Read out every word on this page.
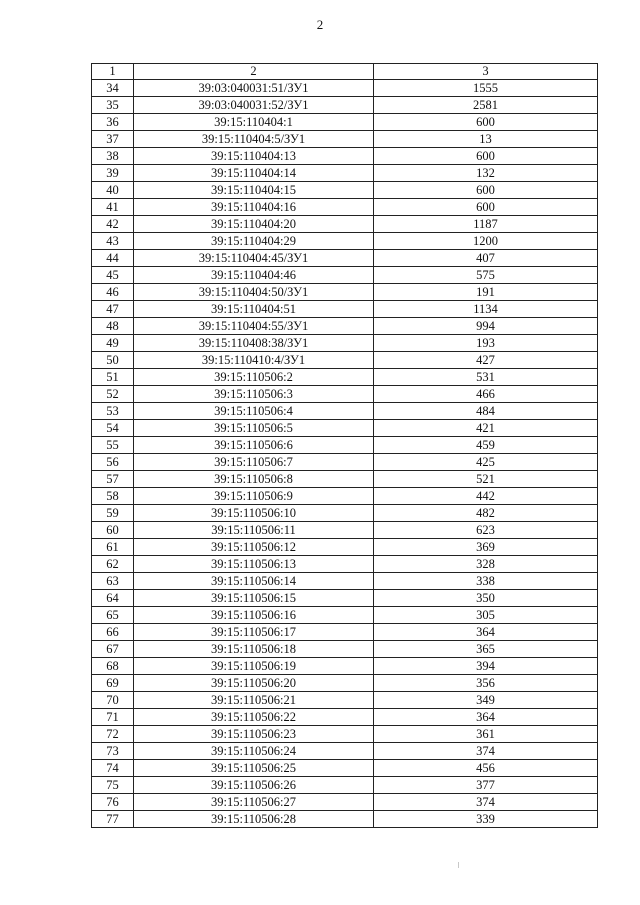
2
1	2	3
34	39:03:040031:51/ЗУ1	1555
35	39:03:040031:52/ЗУ1	2581
36	39:15:110404:1	600
37	39:15:110404:5/ЗУ1	13
38	39:15:110404:13	600
39	39:15:110404:14	132
40	39:15:110404:15	600
41	39:15:110404:16	600
42	39:15:110404:20	1187
43	39:15:110404:29	1200
44	39:15:110404:45/ЗУ1	407
45	39:15:110404:46	575
46	39:15:110404:50/ЗУ1	191
47	39:15:110404:51	1134
48	39:15:110404:55/ЗУ1	994
49	39:15:110408:38/ЗУ1	193
50	39:15:110410:4/ЗУ1	427
51	39:15:110506:2	531
52	39:15:110506:3	466
53	39:15:110506:4	484
54	39:15:110506:5	421
55	39:15:110506:6	459
56	39:15:110506:7	425
57	39:15:110506:8	521
58	39:15:110506:9	442
59	39:15:110506:10	482
60	39:15:110506:11	623
61	39:15:110506:12	369
62	39:15:110506:13	328
63	39:15:110506:14	338
64	39:15:110506:15	350
65	39:15:110506:16	305
66	39:15:110506:17	364
67	39:15:110506:18	365
68	39:15:110506:19	394
69	39:15:110506:20	356
70	39:15:110506:21	349
71	39:15:110506:22	364
72	39:15:110506:23	361
73	39:15:110506:24	374
74	39:15:110506:25	456
75	39:15:110506:26	377
76	39:15:110506:27	374
77	39:15:110506:28	339
